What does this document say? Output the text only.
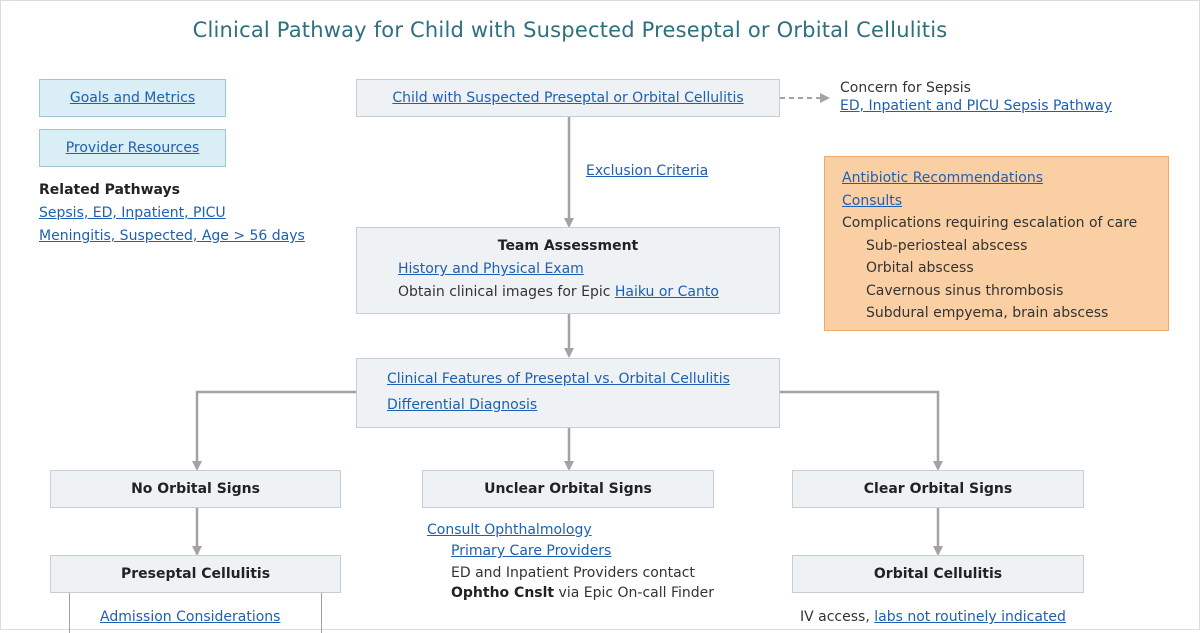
Clinical Pathway for Child with Suspected Preseptal or Orbital Cellulitis
Goals and Metrics
Provider Resources
Related Pathways
Sepsis, ED, Inpatient, PICU
Meningitis, Suspected, Age > 56 days
Child with Suspected Preseptal or Orbital Cellulitis
Concern for Sepsis
ED, Inpatient and PICU Sepsis Pathway
Exclusion Criteria
Team Assessment
History and Physical Exam
Obtain clinical images for Epic Haiku or Canto
Antibiotic Recommendations
Consults
Complications requiring escalation of care
Sub-periosteal abscess
Orbital abscess
Cavernous sinus thrombosis
Subdural empyema, brain abscess
Clinical Features of Preseptal vs. Orbital Cellulitis
Differential Diagnosis
No Orbital Signs	Unclear Orbital Signs	Clear Orbital Signs
Preseptal Cellulitis
Admission Considerations
Consult Ophthalmology
Primary Care Providers
ED and Inpatient Providers contact
Ophtho Cnslt via Epic On-call Finder
Orbital Cellulitis
IV access, labs not routinely indicated
